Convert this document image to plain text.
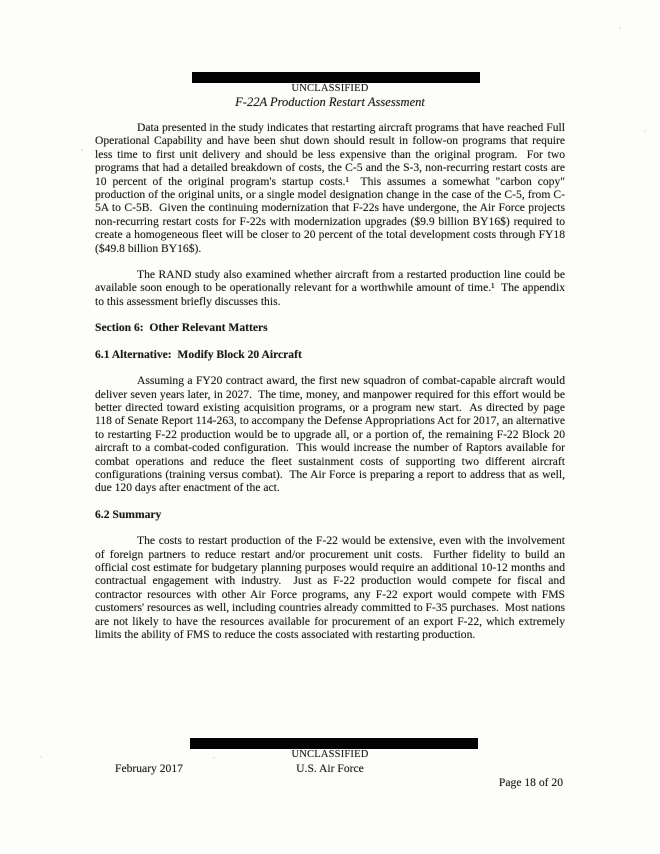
UNCLASSIFIED
F-22A Production Restart Assessment

Data presented in the study indicates that restarting aircraft programs that have reached Full Operational Capability and have been shut down should result in follow-on programs that require less time to first unit delivery and should be less expensive than the original program.  For two programs that had a detailed breakdown of costs, the C-5 and the S-3, non-recurring restart costs are 10 percent of the original program's startup costs.¹  This assumes a somewhat "carbon copy" production of the original units, or a single model designation change in the case of the C-5, from C-5A to C-5B.  Given the continuing modernization that F-22s have undergone, the Air Force projects non-recurring restart costs for F-22s with modernization upgrades ($9.9 billion BY16$) required to create a homogeneous fleet will be closer to 20 percent of the total development costs through FY18 ($49.8 billion BY16$).

The RAND study also examined whether aircraft from a restarted production line could be available soon enough to be operationally relevant for a worthwhile amount of time.¹  The appendix to this assessment briefly discusses this.

Section 6:  Other Relevant Matters
6.1 Alternative:  Modify Block 20 Aircraft

Assuming a FY20 contract award, the first new squadron of combat-capable aircraft would deliver seven years later, in 2027.  The time, money, and manpower required for this effort would be better directed toward existing acquisition programs, or a program new start.  As directed by page 118 of Senate Report 114-263, to accompany the Defense Appropriations Act for 2017, an alternative to restarting F-22 production would be to upgrade all, or a portion of, the remaining F-22 Block 20 aircraft to a combat-coded configuration.  This would increase the number of Raptors available for combat operations and reduce the fleet sustainment costs of supporting two different aircraft configurations (training versus combat).  The Air Force is preparing a report to address that as well, due 120 days after enactment of the act.

6.2 Summary

The costs to restart production of the F-22 would be extensive, even with the involvement of foreign partners to reduce restart and/or procurement unit costs.  Further fidelity to build an official cost estimate for budgetary planning purposes would require an additional 10-12 months and contractual engagement with industry.  Just as F-22 production would compete for fiscal and contractor resources with other Air Force programs, any F-22 export would compete with FMS customers' resources as well, including countries already committed to F-35 purchases.  Most nations are not likely to have the resources available for procurement of an export F-22, which extremely limits the ability of FMS to reduce the costs associated with restarting production.

UNCLASSIFIED
February 2017	U.S. Air Force
Page 18 of 20
